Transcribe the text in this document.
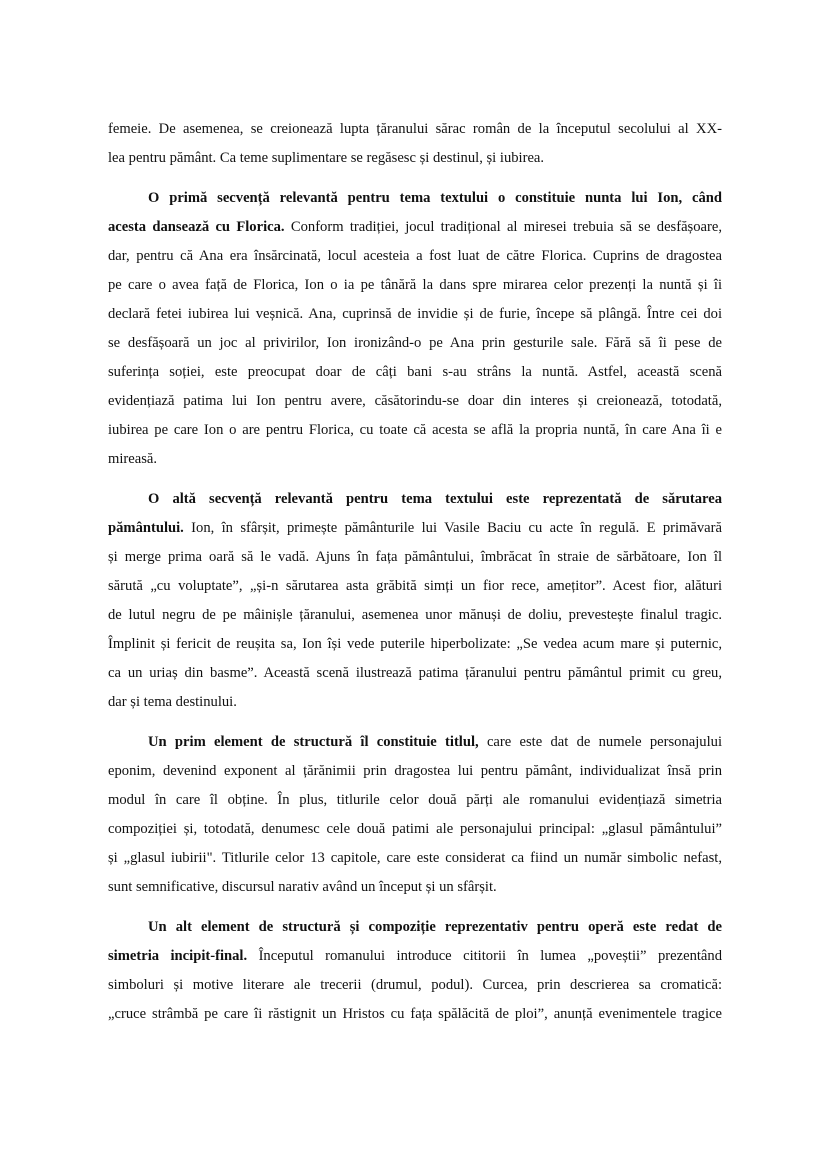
femeie. De asemenea, se creionează lupta țăranului sărac român de la începutul secolului al XX-
lea pentru pământ. Ca teme suplimentare se regăsesc și destinul, și iubirea.
O primă secvență relevantă pentru tema textului o constituie nunta lui Ion, când
acesta dansează cu Florica. Conform tradiției, jocul tradițional al miresei trebuia să se desfășoare,
dar, pentru că Ana era însărcinată, locul acesteia a fost luat de către Florica. Cuprins de dragostea
pe care o avea față de Florica, Ion o ia pe tânără la dans spre mirarea celor prezenți la nuntă și îi
declară fetei iubirea lui veșnică. Ana, cuprinsă de invidie și de furie, începe să plângă. Între cei doi
se desfășoară un joc al privirilor, Ion ironizând-o pe Ana prin gesturile sale. Fără să îi pese de
suferința soției, este preocupat doar de câți bani s-au strâns la nuntă. Astfel, această scenă
evidențiază patima lui Ion pentru avere, căsătorindu-se doar din interes și creionează, totodată,
iubirea pe care Ion o are pentru Florica, cu toate că acesta se află la propria nuntă, în care Ana îi e
mireasă.
O altă secvență relevantă pentru tema textului este reprezentată de sărutarea
pământului. Ion, în sfârșit, primește pământurile lui Vasile Baciu cu acte în regulă. E primăvară
și merge prima oară să le vadă. Ajuns în fața pământului, îmbrăcat în straie de sărbătoare, Ion îl
sărută „cu voluptate”, „și-n sărutarea asta grăbită simți un fior rece, amețitor”. Acest fior, alături
de lutul negru de pe mâinișle țăranului, asemenea unor mănuși de doliu, prevestește finalul tragic.
Împlinit și fericit de reușita sa, Ion își vede puterile hiperbolizate: „Se vedea acum mare și puternic,
ca un uriaș din basme”. Această scenă ilustrează patima țăranului pentru pământul primit cu greu,
dar și tema destinului.
Un prim element de structură îl constituie titlul, care este dat de numele personajului
eponim, devenind exponent al țărănimii prin dragostea lui pentru pământ, individualizat însă prin
modul în care îl obține. În plus, titlurile celor două părți ale romanului evidențiază simetria
compoziției și, totodată, denumesc cele două patimi ale personajului principal: „glasul pământului”
și „glasul iubirii". Titlurile celor 13 capitole, care este considerat ca fiind un număr simbolic nefast,
sunt semnificative, discursul narativ având un început și un sfârșit.
Un alt element de structură și compoziție reprezentativ pentru operă este redat de
simetria incipit-final. Începutul romanului introduce cititorii în lumea „poveștii” prezentând
simboluri și motive literare ale trecerii (drumul, podul). Curcea, prin descrierea sa cromatică:
„cruce strâmbă pe care îi răstignit un Hristos cu fața spălăcită de ploi”, anunță evenimentele tragice
